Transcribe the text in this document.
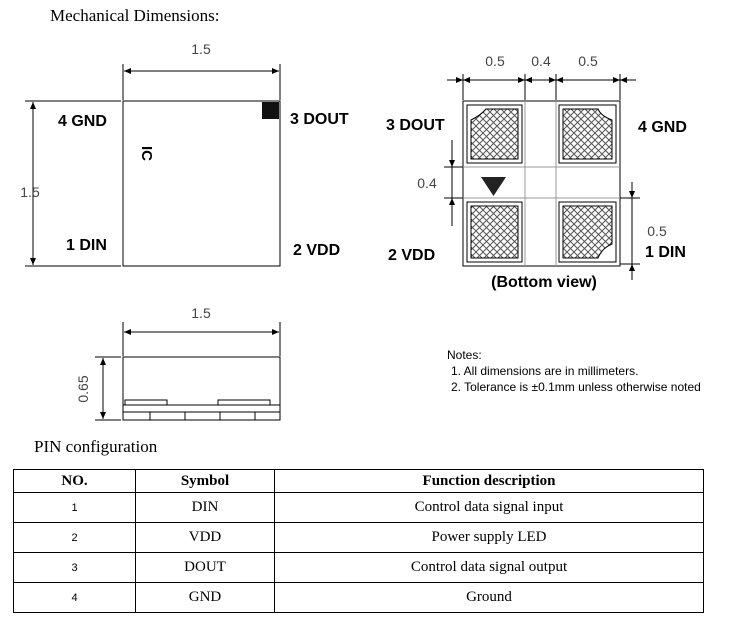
Mechanical Dimensions:
PIN configuration
1.5
1.5
IC
4 GND	3 DOUT
1 DIN	2 VDD
1.5
0.65
0.5 0.4 0.5
0.4
0.5
3 DOUT	4 GND
2 VDD	1 DIN
(Bottom view)
Notes:
1. All dimensions are in millimeters.
2. Tolerance is ±0.1mm unless otherwise noted
NO.	Symbol	Function description
1	DIN	Control data signal input
2	VDD	Power supply LED
3	DOUT	Control data signal output
4	GND	Ground
